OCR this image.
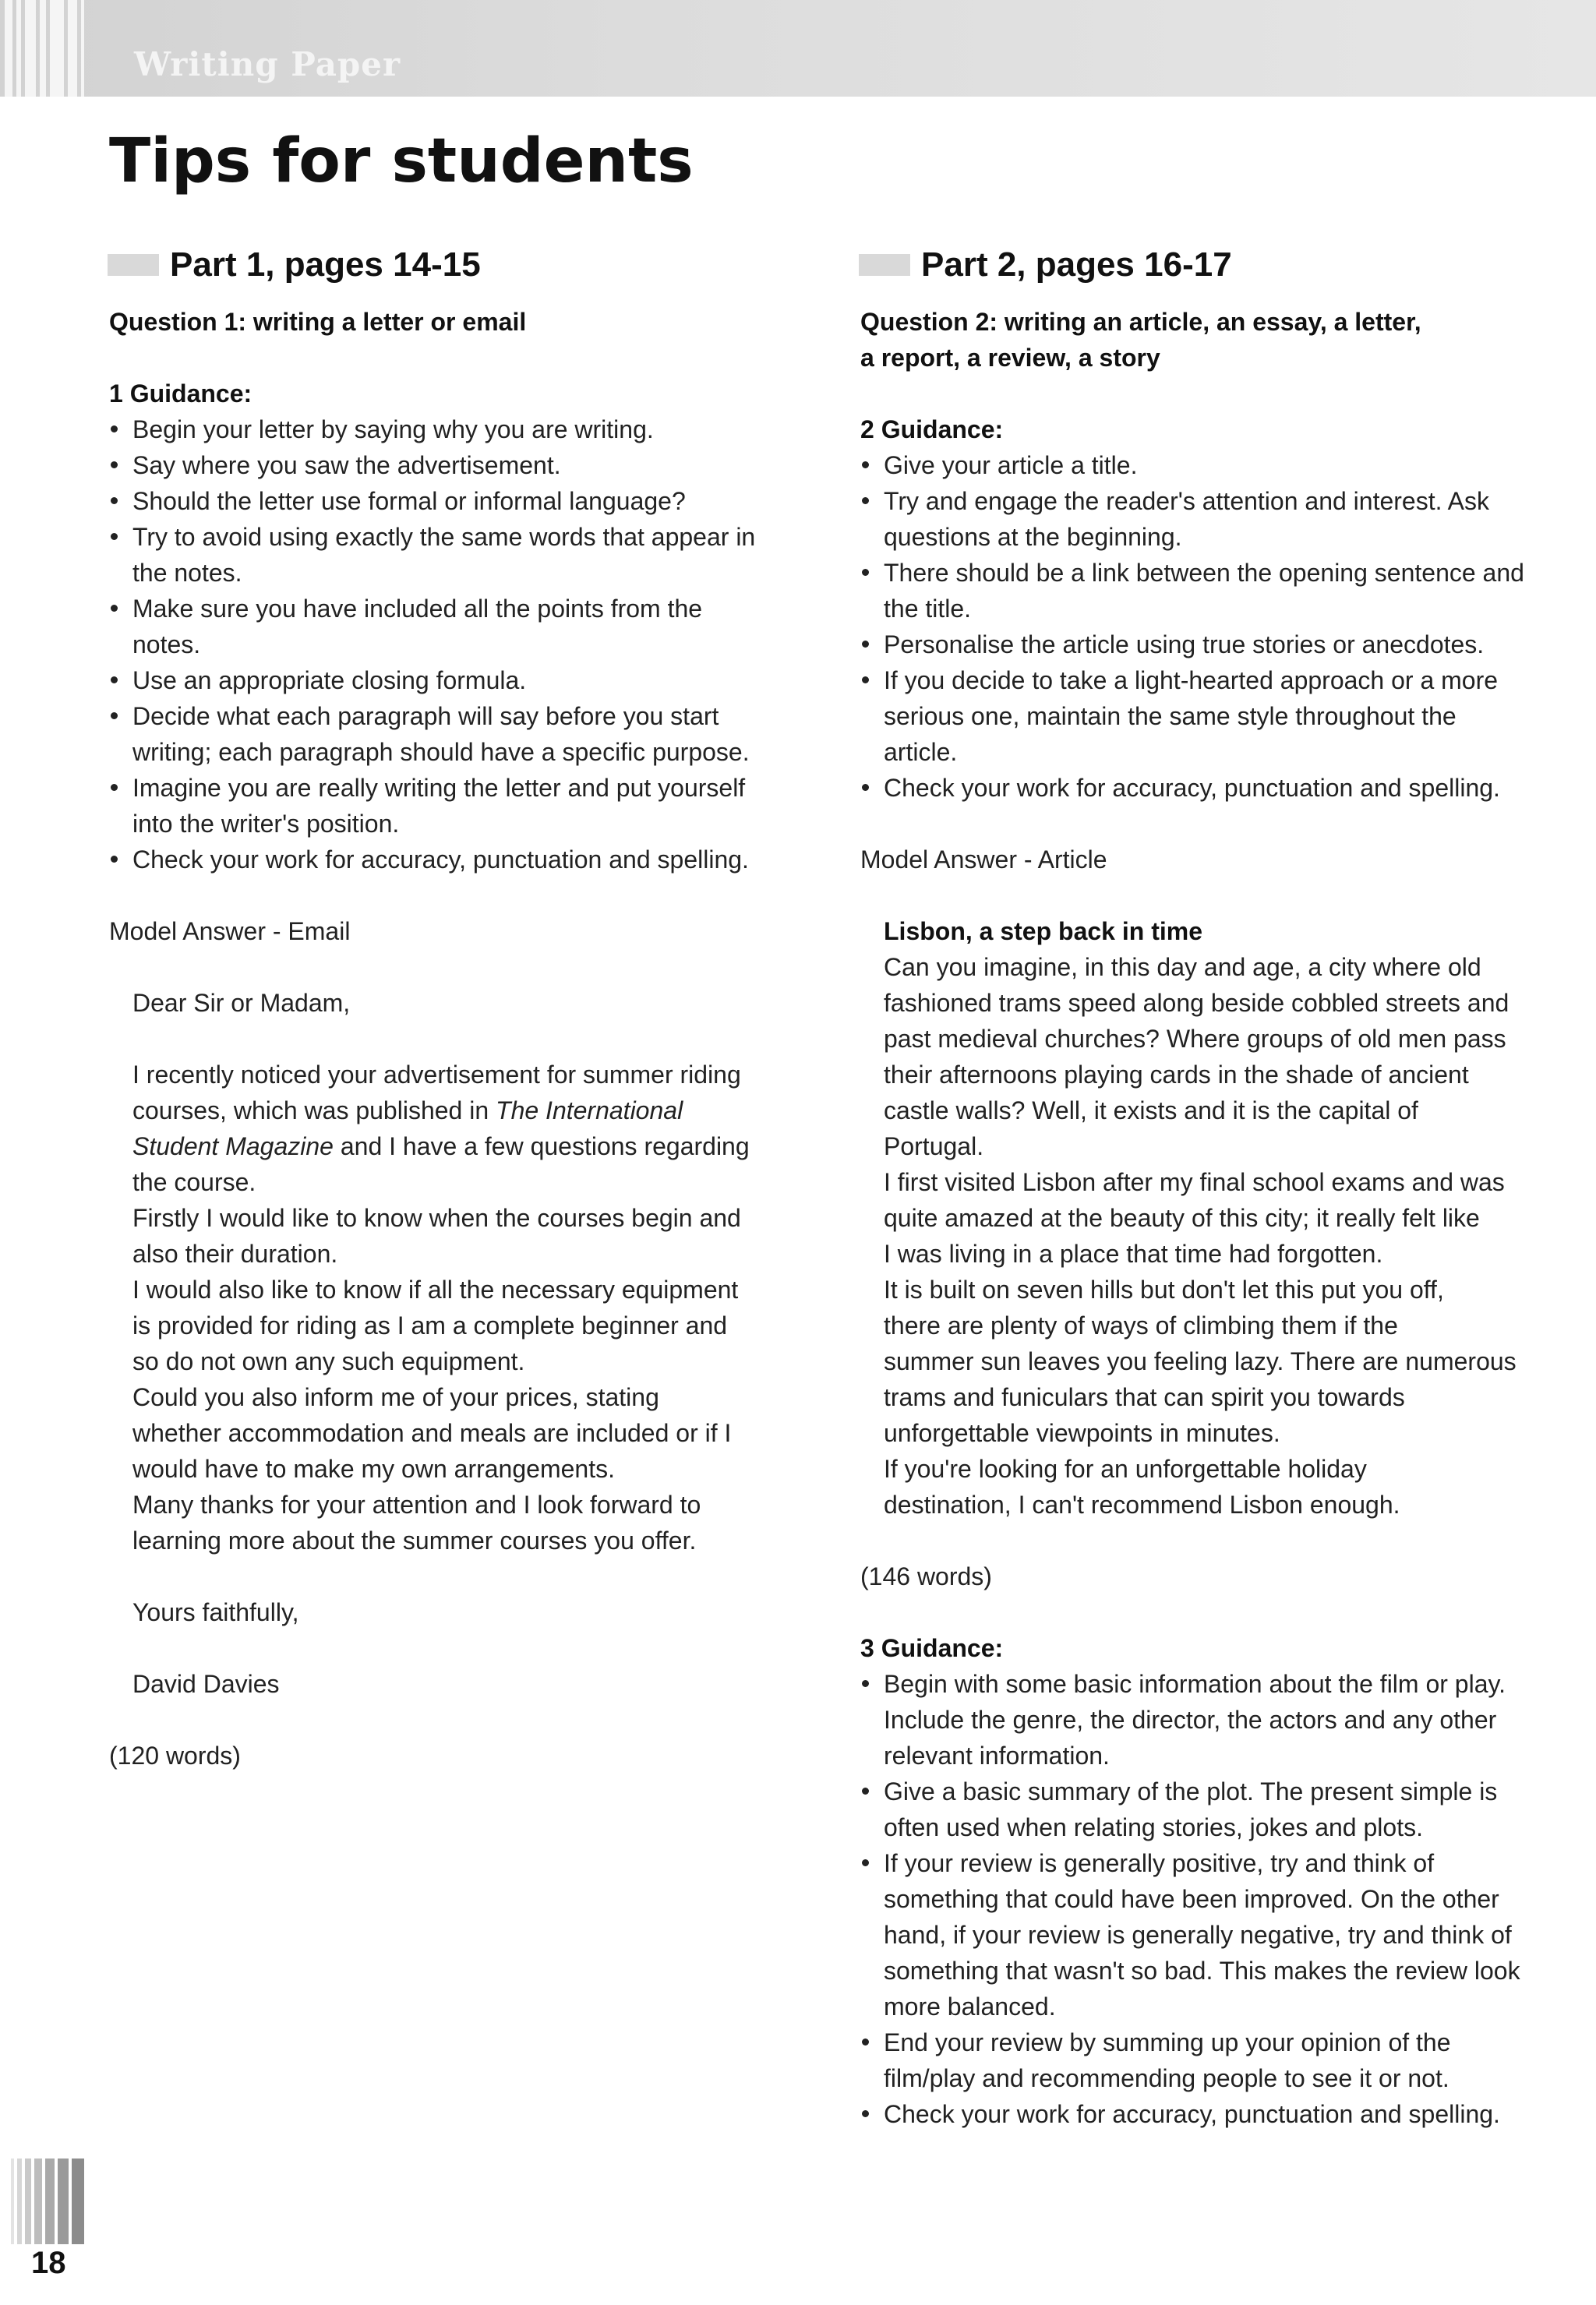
Writing Paper
Tips for students
Part 1, pages 14-15
Question 1: writing a letter or email
1 Guidance:
Begin your letter by saying why you are writing.
Say where you saw the advertisement.
Should the letter use formal or informal language?
Try to avoid using exactly the same words that appear in
the notes.
Make sure you have included all the points from the
notes.
Use an appropriate closing formula.
Decide what each paragraph will say before you start
writing; each paragraph should have a specific purpose.
Imagine you are really writing the letter and put yourself
into the writer's position.
Check your work for accuracy, punctuation and spelling.
Model Answer - Email
Dear Sir or Madam,
I recently noticed your advertisement for summer riding
courses, which was published in The International
Student Magazine and I have a few questions regarding
the course.
Firstly I would like to know when the courses begin and
also their duration.
I would also like to know if all the necessary equipment
is provided for riding as I am a complete beginner and
so do not own any such equipment.
Could you also inform me of your prices, stating
whether accommodation and meals are included or if I
would have to make my own arrangements.
Many thanks for your attention and I look forward to
learning more about the summer courses you offer.
Yours faithfully,
David Davies
(120 words)
Part 2, pages 16-17
Question 2: writing an article, an essay, a letter,
a report, a review, a story
2 Guidance:
Give your article a title.
Try and engage the reader's attention and interest. Ask
questions at the beginning.
There should be a link between the opening sentence and
the title.
Personalise the article using true stories or anecdotes.
If you decide to take a light-hearted approach or a more
serious one, maintain the same style throughout the
article.
Check your work for accuracy, punctuation and spelling.
Model Answer - Article
Lisbon, a step back in time
Can you imagine, in this day and age, a city where old
fashioned trams speed along beside cobbled streets and
past medieval churches? Where groups of old men pass
their afternoons playing cards in the shade of ancient
castle walls? Well, it exists and it is the capital of
Portugal.
I first visited Lisbon after my final school exams and was
quite amazed at the beauty of this city; it really felt like
I was living in a place that time had forgotten.
It is built on seven hills but don't let this put you off,
there are plenty of ways of climbing them if the
summer sun leaves you feeling lazy. There are numerous
trams and funiculars that can spirit you towards
unforgettable viewpoints in minutes.
If you're looking for an unforgettable holiday
destination, I can't recommend Lisbon enough.
(146 words)
3 Guidance:
Begin with some basic information about the film or play.
Include the genre, the director, the actors and any other
relevant information.
Give a basic summary of the plot. The present simple is
often used when relating stories, jokes and plots.
If your review is generally positive, try and think of
something that could have been improved. On the other
hand, if your review is generally negative, try and think of
something that wasn't so bad. This makes the review look
more balanced.
End your review by summing up your opinion of the
film/play and recommending people to see it or not.
Check your work for accuracy, punctuation and spelling.
18
